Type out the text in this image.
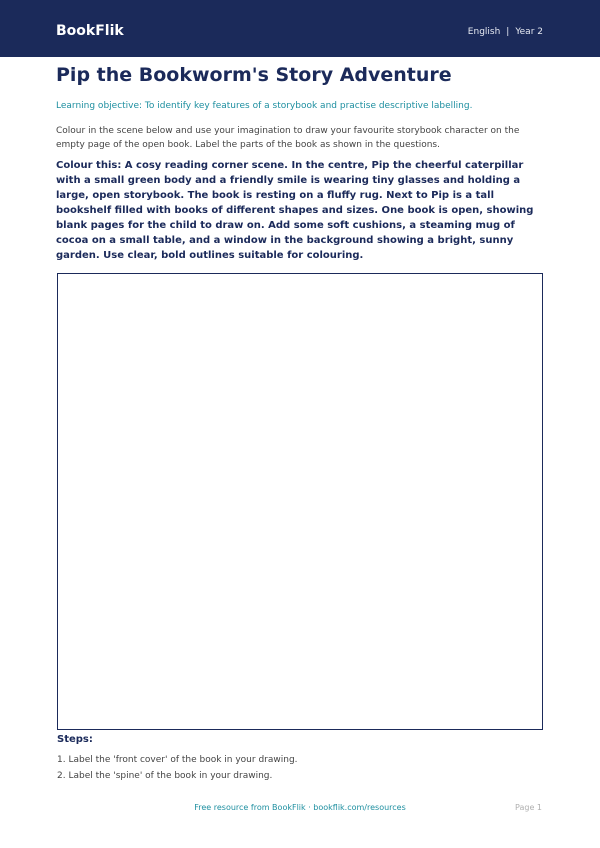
BookFlik	English | Year 2
Pip the Bookworm's Story Adventure
Learning objective: To identify key features of a storybook and practise descriptive labelling.
Colour in the scene below and use your imagination to draw your favourite storybook character on the empty page of the open book. Label the parts of the book as shown in the questions.
Colour this: A cosy reading corner scene. In the centre, Pip the cheerful caterpillar with a small green body and a friendly smile is wearing tiny glasses and holding a large, open storybook. The book is resting on a fluffy rug. Next to Pip is a tall bookshelf filled with books of different shapes and sizes. One book is open, showing blank pages for the child to draw on. Add some soft cushions, a steaming mug of cocoa on a small table, and a window in the background showing a bright, sunny garden. Use clear, bold outlines suitable for colouring.
Steps:
1. Label the 'front cover' of the book in your drawing.
2. Label the 'spine' of the book in your drawing.
Free resource from BookFlik · bookflik.com/resources	Page 1
